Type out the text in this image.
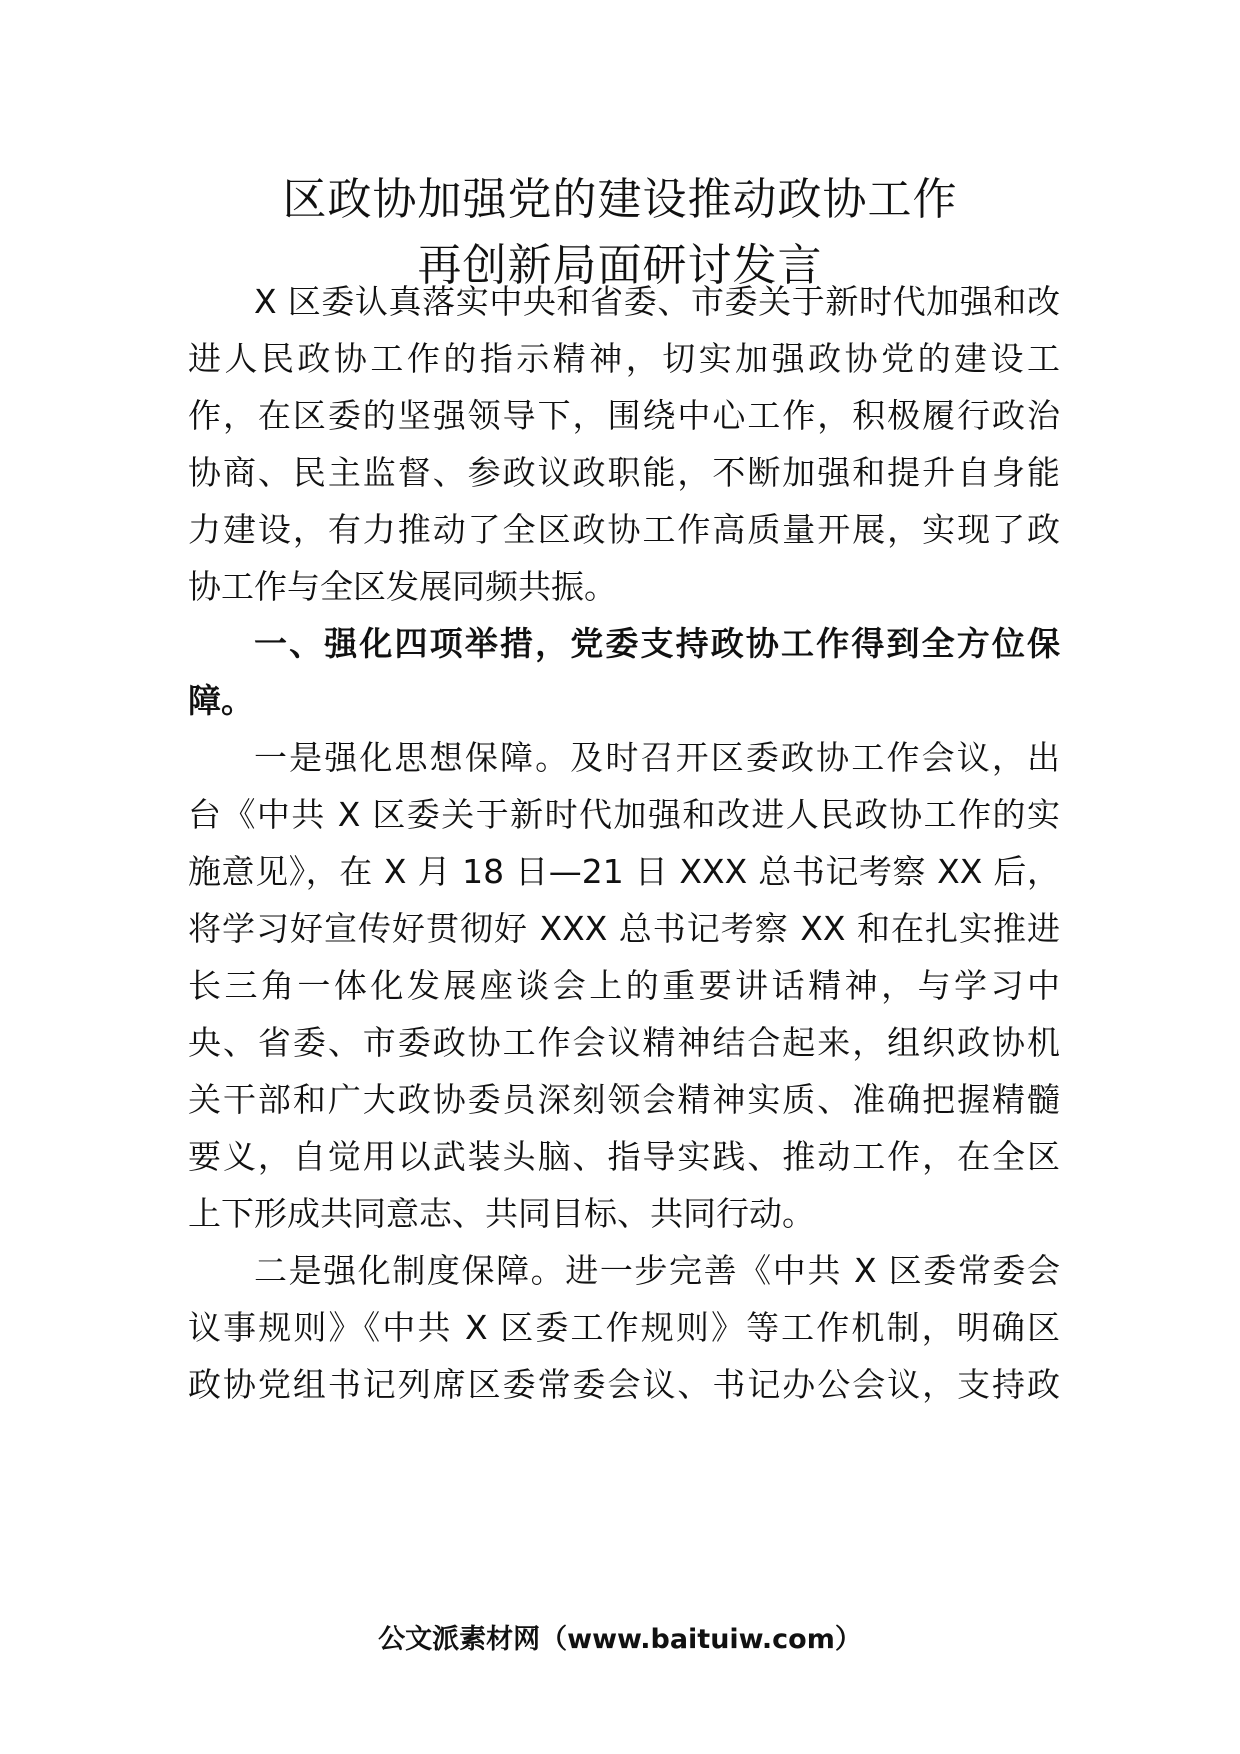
区政协加强党的建设推动政协工作
再创新局面研讨发言

X 区委认真落实中央和省委、市委关于新时代加强和改

进人民政协工作的指示精神，切实加强政协党的建设工

作，在区委的坚强领导下，围绕中心工作，积极履行政治

协商、民主监督、参政议政职能，不断加强和提升自身能

力建设，有力推动了全区政协工作高质量开展，实现了政

协工作与全区发展同频共振。

一、强化四项举措，党委支持政协工作得到全方位保

障。

一是强化思想保障。及时召开区委政协工作会议，出

台《中共 X 区委关于新时代加强和改进人民政协工作的实

施意见》，在 X 月 18 日—21 日 XXX 总书记考察 XX 后，

将学习好宣传好贯彻好 XXX 总书记考察 XX 和在扎实推进

长三角一体化发展座谈会上的重要讲话精神，与学习中

央、省委、市委政协工作会议精神结合起来，组织政协机

关干部和广大政协委员深刻领会精神实质、准确把握精髓

要义，自觉用以武装头脑、指导实践、推动工作，在全区

上下形成共同意志、共同目标、共同行动。

二是强化制度保障。进一步完善《中共 X 区委常委会

议事规则》《中共 X 区委工作规则》等工作机制，明确区

政协党组书记列席区委常委会议、书记办公会议，支持政

公文派素材网（www.baituiw.com）
